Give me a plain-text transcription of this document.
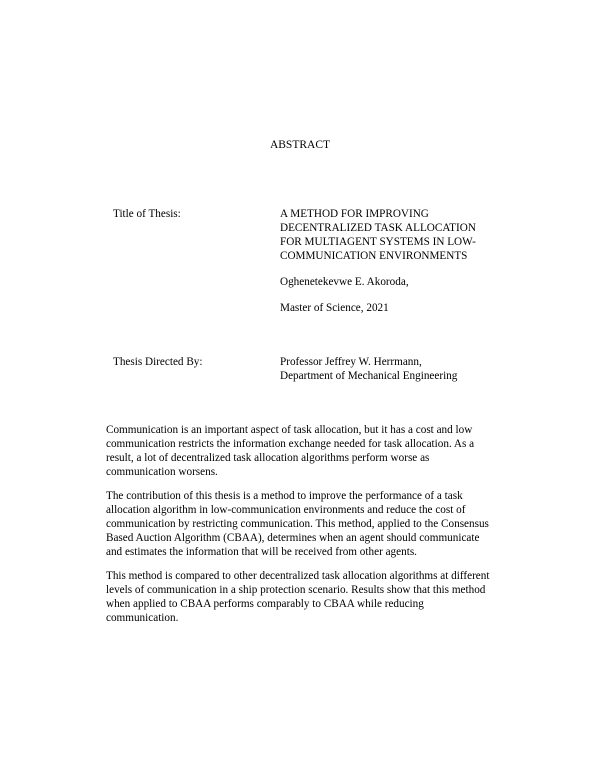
ABSTRACT
Title of Thesis:	A METHOD FOR IMPROVING
DECENTRALIZED TASK ALLOCATION
FOR MULTIAGENT SYSTEMS IN LOW-
COMMUNICATION ENVIRONMENTS
Oghenetekevwe E. Akoroda,
Master of Science, 2021
Thesis Directed By:	Professor Jeffrey W. Herrmann,
Department of Mechanical Engineering
Communication is an important aspect of task allocation, but it has a cost and low
communication restricts the information exchange needed for task allocation. As a
result, a lot of decentralized task allocation algorithms perform worse as
communication worsens.
The contribution of this thesis is a method to improve the performance of a task
allocation algorithm in low-communication environments and reduce the cost of
communication by restricting communication. This method, applied to the Consensus
Based Auction Algorithm (CBAA), determines when an agent should communicate
and estimates the information that will be received from other agents.
This method is compared to other decentralized task allocation algorithms at different
levels of communication in a ship protection scenario. Results show that this method
when applied to CBAA performs comparably to CBAA while reducing
communication.
